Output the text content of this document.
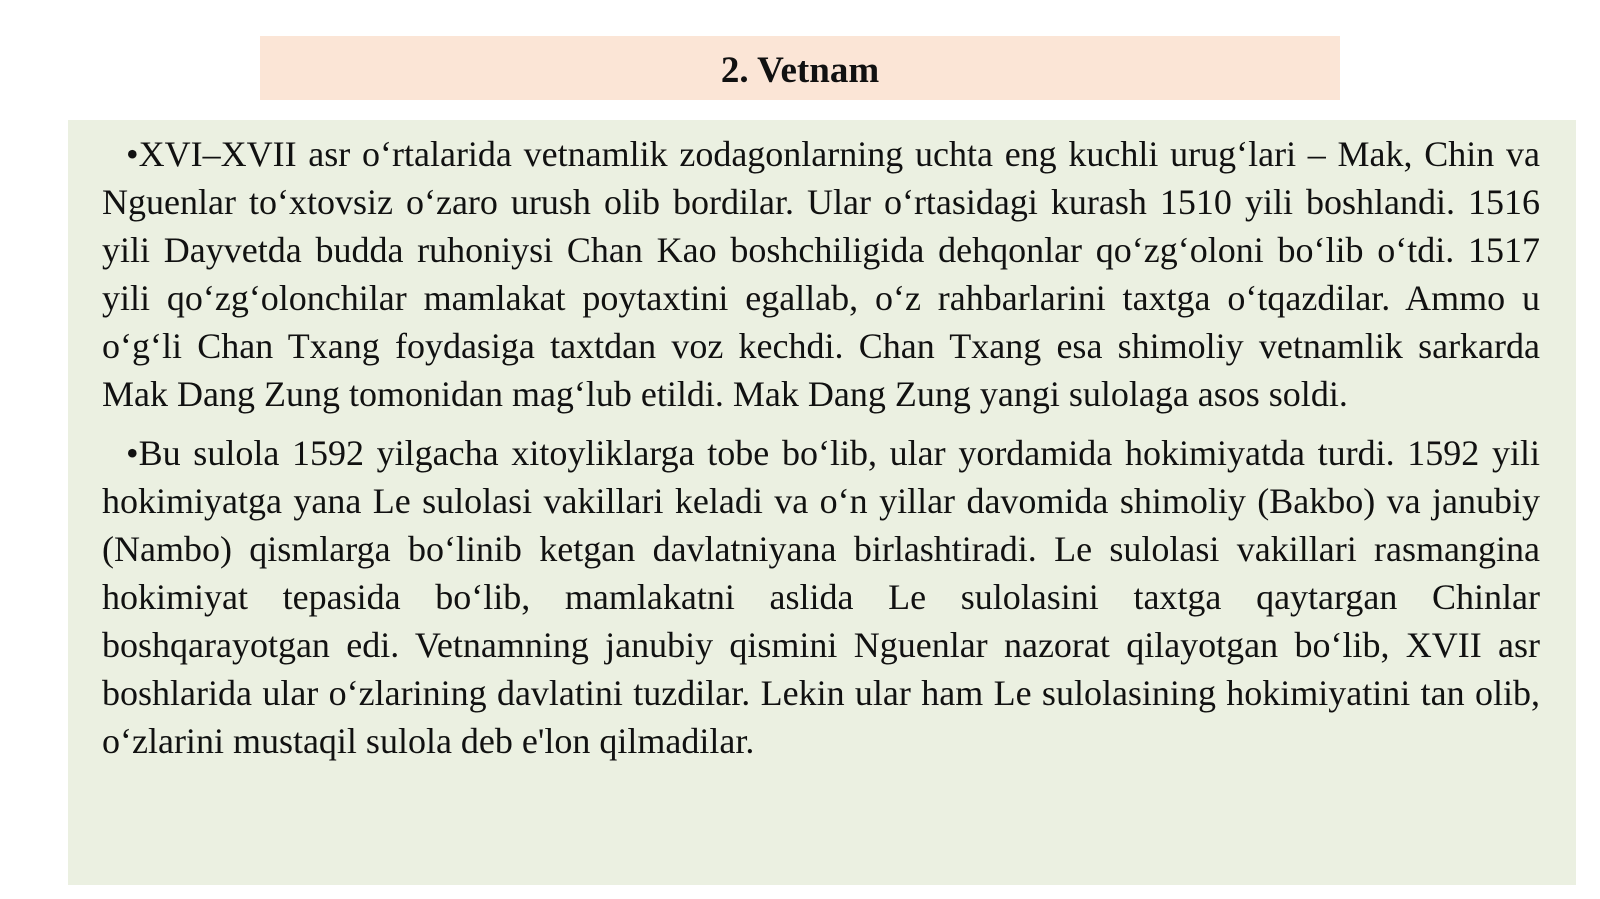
2. Vetnam

•XVI–XVII asr o‘rtalarida vetnamlik zodagonlarning uchta eng kuchli urug‘lari – Mak, Chin va Nguenlar to‘xtovsiz o‘zaro urush olib bordilar. Ular o‘rtasidagi kurash 1510 yili boshlandi. 1516 yili Dayvetda budda ruhoniysi Chan Kao boshchiligida dehqonlar qo‘zg‘oloni bo‘lib o‘tdi. 1517 yili qo‘zg‘olonchilar mamlakat poytaxtini egallab, o‘z rahbarlarini taxtga o‘tqazdilar. Ammo u o‘g‘li Chan Txang foydasiga taxtdan voz kechdi. Chan Txang esa shimoliy vetnamlik sarkarda Mak Dang Zung tomonidan mag‘lub etildi. Mak Dang Zung yangi sulolaga asos soldi.

•Bu sulola 1592 yilgacha xitoyliklarga tobe bo‘lib, ular yordamida hokimiyatda turdi. 1592 yili hokimiyatga yana Le sulolasi vakillari keladi va o‘n yillar davomida shimoliy (Bakbo) va janubiy (Nambo) qismlarga bo‘linib ketgan davlatniyana birlashtiradi. Le sulolasi vakillari rasmangina hokimiyat tepasida bo‘lib, mamlakatni aslida Le sulolasini taxtga qaytargan Chinlar boshqarayotgan edi. Vetnamning janubiy qismini Nguenlar nazorat qilayotgan bo‘lib, XVII asr boshlarida ular o‘zlarining davlatini tuzdilar. Lekin ular ham Le sulolasining hokimiyatini tan olib, o‘zlarini mustaqil sulola deb e'lon qilmadilar.
